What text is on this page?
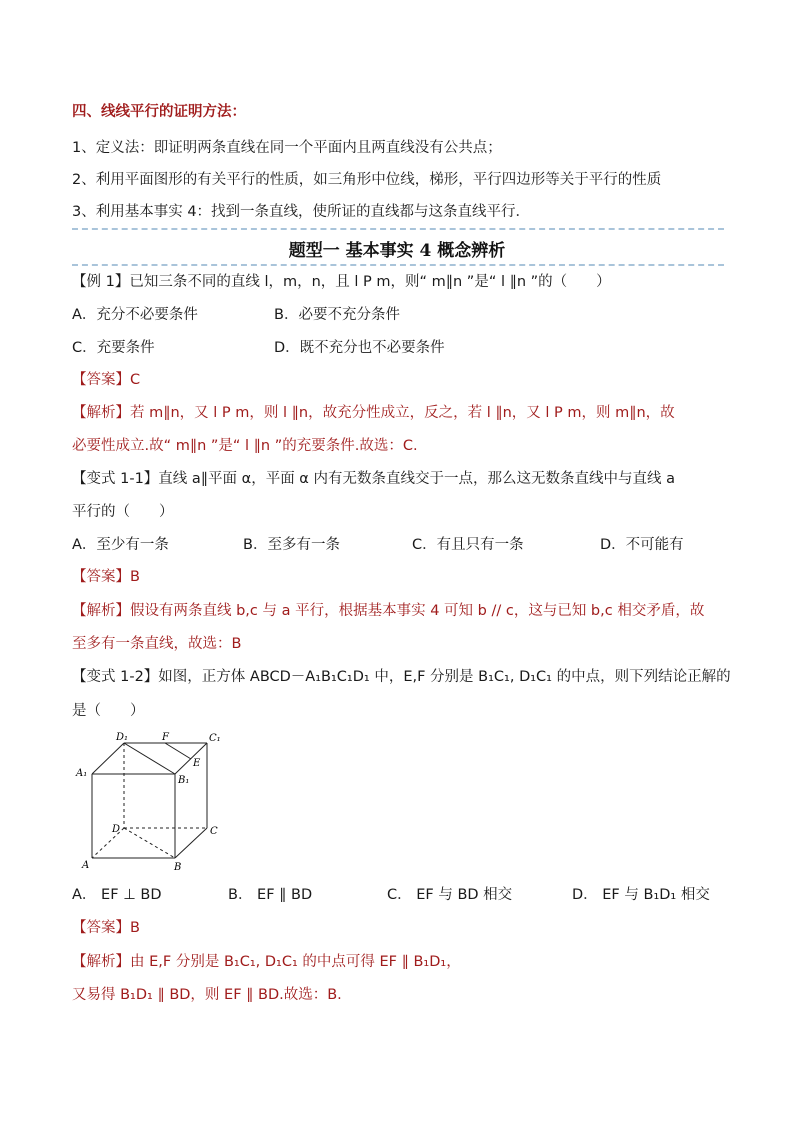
四、线线平行的证明方法：
1、定义法：即证明两条直线在同一个平面内且两直线没有公共点；
2、利用平面图形的有关平行的性质，如三角形中位线，梯形，平行四边形等关于平行的性质
3、利用基本事实 4：找到一条直线，使所证的直线都与这条直线平行．
题型一 基本事实 4 概念辨析
【例 1】已知三条不同的直线 l，m，n，且 l P m，则“ m∥n ”是“ l ∥n ”的（　　）
A．充分不必要条件	B．必要不充分条件
C．充要条件	D．既不充分也不必要条件
【答案】C
【解析】若 m∥n，又 l P m，则 l ∥n，故充分性成立，反之，若 l ∥n，又 l P m，则 m∥n，故
必要性成立.故“ m∥n ”是“ l ∥n ”的充要条件.故选：C.
【变式 1-1】直线 a∥平面 α，平面 α 内有无数条直线交于一点，那么这无数条直线中与直线 a
平行的（　　）
A．至少有一条	B．至多有一条	C．有且只有一条	D．不可能有
【答案】B
【解析】假设有两条直线 b,c 与 a 平行，根据基本事实 4 可知 b // c，这与已知 b,c 相交矛盾，故
至多有一条直线，故选：B
【变式 1-2】如图，正方体 ABCD－A₁B₁C₁D₁ 中，E,F 分别是 B₁C₁, D₁C₁ 的中点，则下列结论正解的
是（　　）
D₁	F	C₁
A₁
E
B₁
D	C
A	B
A． EF ⊥ BD	B． EF ∥ BD	C． EF 与 BD 相交	D． EF 与 B₁D₁ 相交
【答案】B
【解析】由 E,F 分别是 B₁C₁, D₁C₁ 的中点可得 EF ∥ B₁D₁，
又易得 B₁D₁ ∥ BD，则 EF ∥ BD.故选：B.
